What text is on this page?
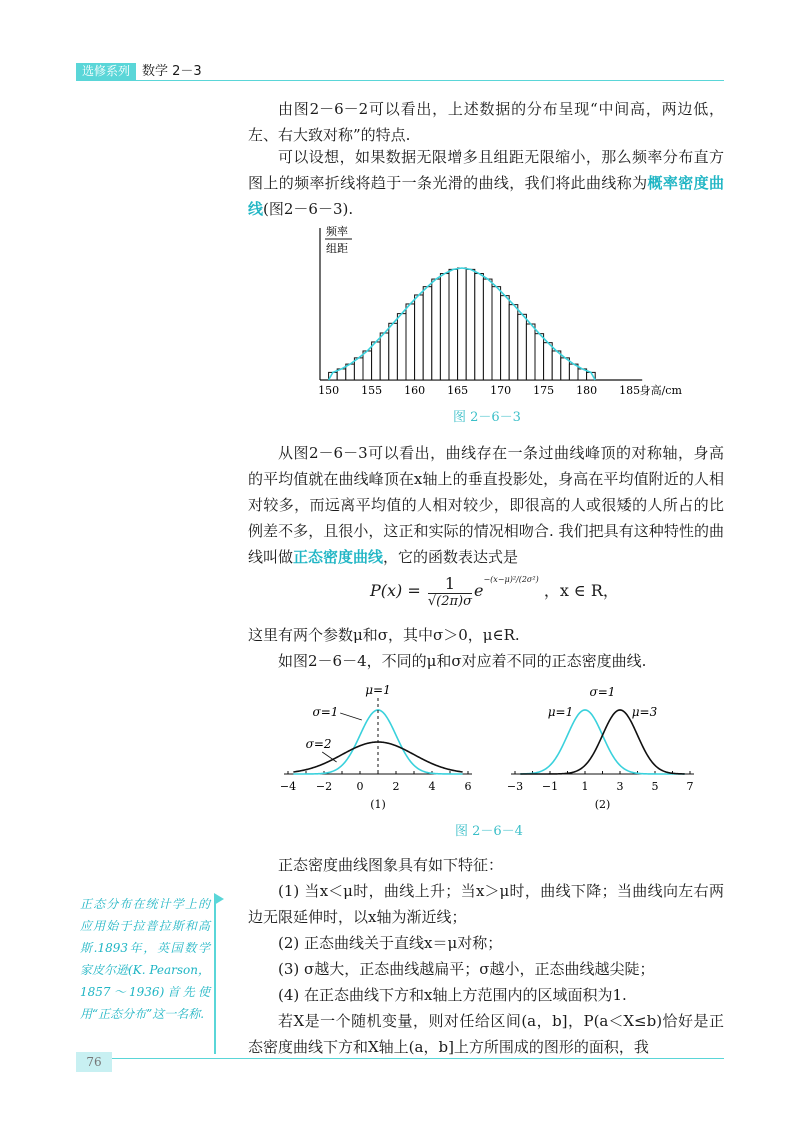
选修系列 数学 2－3
由图2－6－2可以看出，上述数据的分布呈现“中间高，两边低，左、右大致对称”的特点.
可以设想，如果数据无限增多且组距无限缩小，那么频率分布直方图上的频率折线将趋于一条光滑的曲线，我们将此曲线称为概率密度曲线(图2－6－3).
频率
组距
150 155 160 165 170 175 180 185 身高/cm
图 2－6－3
从图2－6－3可以看出，曲线存在一条过曲线峰顶的对称轴，身高的平均值就在曲线峰顶在x轴上的垂直投影处，身高在平均值附近的人相对较多，而远离平均值的人相对较少，即很高的人或很矮的人所占的比例差不多，且很小，这正和实际的情况相吻合. 我们把具有这种特性的曲线叫做正态密度曲线，它的函数表达式是
P(x) =	1
√(2π)σ
$e^{-(x-\mu)^2/(2\sigma^2)}$ ，x ∈ R，
这里有两个参数μ和σ，其中σ＞0，μ∈R.
如图2－6－4，不同的μ和σ对应着不同的正态密度曲线.
−4 −2 0	2	4	6
(1)
μ=1
σ=1
σ=2
−3 −1 1	3	5	7
(2)
σ=1
μ=1	μ=3
图 2－6－4
正态密度曲线图象具有如下特征：
(1) 当x＜μ时，曲线上升；当x＞μ时，曲线下降；当曲线向左右两边无限延伸时，以x轴为渐近线；
(2) 正态曲线关于直线x＝μ对称；
(3) σ越大，正态曲线越扁平；σ越小，正态曲线越尖陡；
(4) 在正态曲线下方和x轴上方范围内的区域面积为1.
若X是一个随机变量，则对任给区间(a，b]，P(a＜X≤b)恰好是正态密度曲线下方和X轴上(a，b]上方所围成的图形的面积，我
正态分布在统计学上的应用始于拉普拉斯和高斯.1893年，英国数学家皮尔逊(K. Pearson，1857～1936)首先使用“正态分布”这一名称.
76
